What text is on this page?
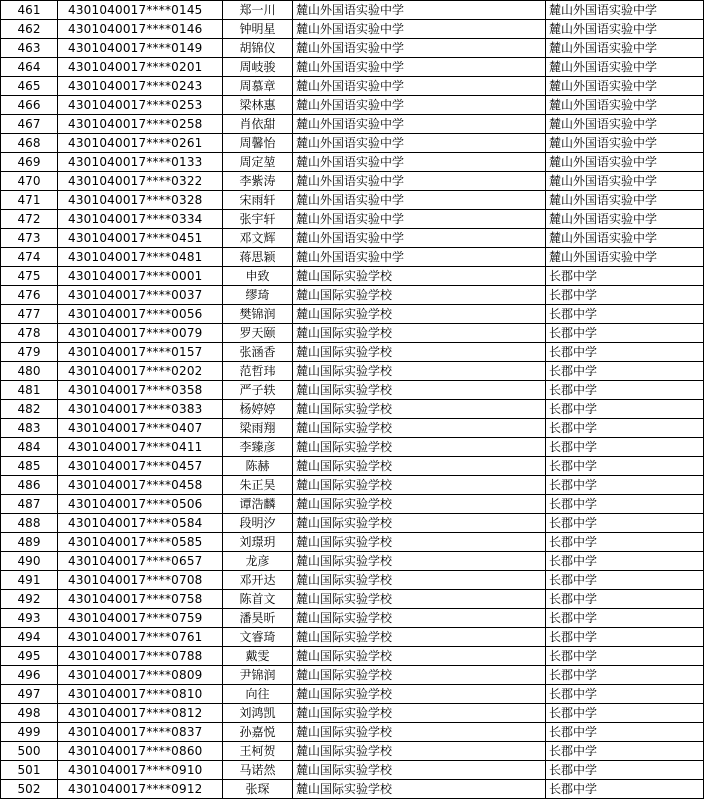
461	4301040017****0145	郑一川	麓山外国语实验中学	麓山外国语实验中学
462	4301040017****0146	钟明星	麓山外国语实验中学	麓山外国语实验中学
463	4301040017****0149	胡锦仪	麓山外国语实验中学	麓山外国语实验中学
464	4301040017****0201	周岐骏	麓山外国语实验中学	麓山外国语实验中学
465	4301040017****0243	周慕章	麓山外国语实验中学	麓山外国语实验中学
466	4301040017****0253	梁林惠	麓山外国语实验中学	麓山外国语实验中学
467	4301040017****0258	肖依甜	麓山外国语实验中学	麓山外国语实验中学
468	4301040017****0261	周馨怡	麓山外国语实验中学	麓山外国语实验中学
469	4301040017****0133	周定堃	麓山外国语实验中学	麓山外国语实验中学
470	4301040017****0322	李紫涛	麓山外国语实验中学	麓山外国语实验中学
471	4301040017****0328	宋雨轩	麓山外国语实验中学	麓山外国语实验中学
472	4301040017****0334	张宇轩	麓山外国语实验中学	麓山外国语实验中学
473	4301040017****0451	邓文辉	麓山外国语实验中学	麓山外国语实验中学
474	4301040017****0481	蒋思颖	麓山外国语实验中学	麓山外国语实验中学
475	4301040017****0001	申致	麓山国际实验学校	长郡中学
476	4301040017****0037	缪琦	麓山国际实验学校	长郡中学
477	4301040017****0056	樊锦润	麓山国际实验学校	长郡中学
478	4301040017****0079	罗天颐	麓山国际实验学校	长郡中学
479	4301040017****0157	张涵香	麓山国际实验学校	长郡中学
480	4301040017****0202	范哲玮	麓山国际实验学校	长郡中学
481	4301040017****0358	严子轶	麓山国际实验学校	长郡中学
482	4301040017****0383	杨婷婷	麓山国际实验学校	长郡中学
483	4301040017****0407	梁雨翔	麓山国际实验学校	长郡中学
484	4301040017****0411	李臻彦	麓山国际实验学校	长郡中学
485	4301040017****0457	陈赫	麓山国际实验学校	长郡中学
486	4301040017****0458	朱正昊	麓山国际实验学校	长郡中学
487	4301040017****0506	谭浩麟	麓山国际实验学校	长郡中学
488	4301040017****0584	段明汐	麓山国际实验学校	长郡中学
489	4301040017****0585	刘璟玥	麓山国际实验学校	长郡中学
490	4301040017****0657	龙彦	麓山国际实验学校	长郡中学
491	4301040017****0708	邓开达	麓山国际实验学校	长郡中学
492	4301040017****0758	陈首文	麓山国际实验学校	长郡中学
493	4301040017****0759	潘昊昕	麓山国际实验学校	长郡中学
494	4301040017****0761	文睿琦	麓山国际实验学校	长郡中学
495	4301040017****0788	戴雯	麓山国际实验学校	长郡中学
496	4301040017****0809	尹锦润	麓山国际实验学校	长郡中学
497	4301040017****0810	向往	麓山国际实验学校	长郡中学
498	4301040017****0812	刘鸿凯	麓山国际实验学校	长郡中学
499	4301040017****0837	孙嘉悦	麓山国际实验学校	长郡中学
500	4301040017****0860	王柯贺	麓山国际实验学校	长郡中学
501	4301040017****0910	马诺然	麓山国际实验学校	长郡中学
502	4301040017****0912	张琛	麓山国际实验学校	长郡中学
